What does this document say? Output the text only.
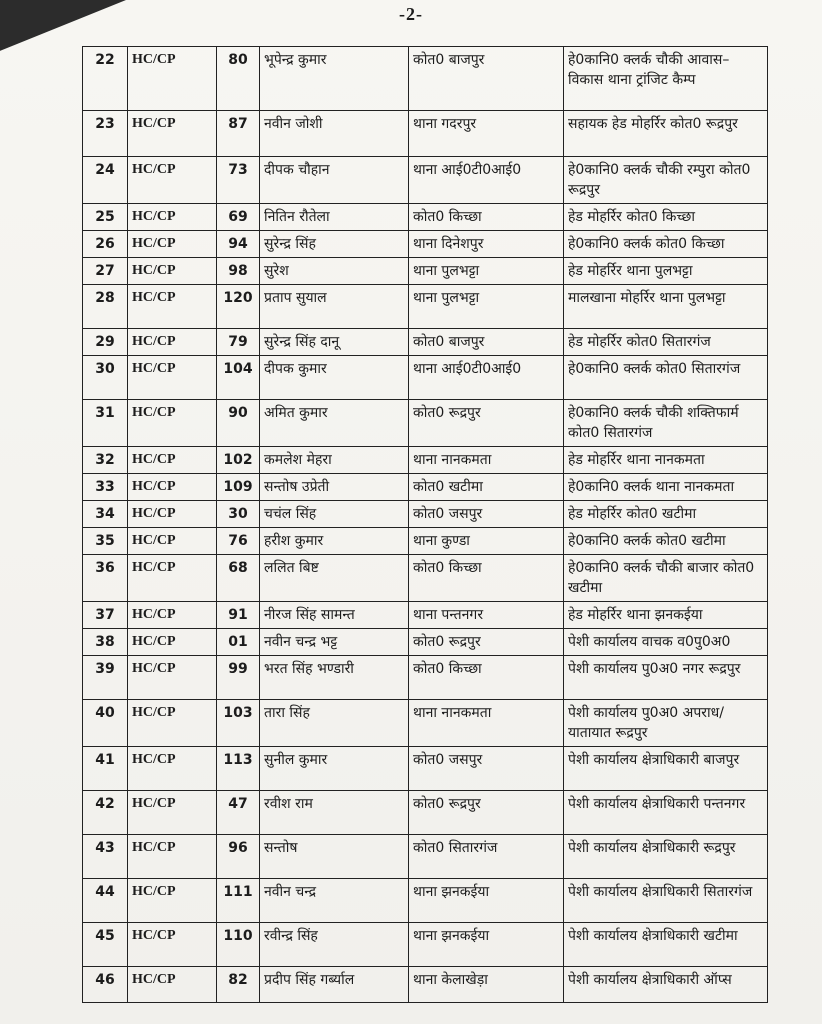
-2-
22	HC/CP	80	भूपेन्द्र कुमार	कोत0 बाजपुर	हे0कानि0 क्लर्क चौकी आवास–विकास थाना ट्रांजिट कैम्प
23	HC/CP	87	नवीन जोशी	थाना गदरपुर	सहायक हेड मोहर्रिर कोत0 रूद्रपुर
24	HC/CP	73	दीपक चौहान	थाना आई0टी0आई0	हे0कानि0 क्लर्क चौकी रम्पुरा कोत0 रूद्रपुर
25	HC/CP	69	नितिन रौतेला	कोत0 किच्छा	हेड मोहर्रिर कोत0 किच्छा
26	HC/CP	94	सुरेन्द्र सिंह	थाना दिनेशपुर	हे0कानि0 क्लर्क कोत0 किच्छा
27	HC/CP	98	सुरेश	थाना पुलभट्टा	हेड मोहर्रिर थाना पुलभट्टा
28	HC/CP	120	प्रताप सुयाल	थाना पुलभट्टा	मालखाना मोहर्रिर थाना पुलभट्टा
29	HC/CP	79	सुरेन्द्र सिंह दानू	कोत0 बाजपुर	हेड मोहर्रिर कोत0 सितारगंज
30	HC/CP	104	दीपक कुमार	थाना आई0टी0आई0	हे0कानि0 क्लर्क कोत0 सितारगंज
31	HC/CP	90	अमित कुमार	कोत0 रूद्रपुर	हे0कानि0 क्लर्क चौकी शक्तिफार्म कोत0 सितारगंज
32	HC/CP	102	कमलेश मेहरा	थाना नानकमता	हेड मोहर्रिर थाना नानकमता
33	HC/CP	109	सन्तोष उप्रेती	कोत0 खटीमा	हे0कानि0 क्लर्क थाना नानकमता
34	HC/CP	30	चचंल सिंह	कोत0 जसपुर	हेड मोहर्रिर कोत0 खटीमा
35	HC/CP	76	हरीश कुमार	थाना कुण्डा	हे0कानि0 क्लर्क कोत0 खटीमा
36	HC/CP	68	ललित बिष्ट	कोत0 किच्छा	हे0कानि0 क्लर्क चौकी बाजार कोत0 खटीमा
37	HC/CP	91	नीरज सिंह सामन्त	थाना पन्तनगर	हेड मोहर्रिर थाना झनकईया
38	HC/CP	01	नवीन चन्द्र भट्ट	कोत0 रूद्रपुर	पेशी कार्यालय वाचक व0पु0अ0
39	HC/CP	99	भरत सिंह भण्डारी	कोत0 किच्छा	पेशी कार्यालय पु0अ0 नगर रूद्रपुर
40	HC/CP	103	तारा सिंह	थाना नानकमता	पेशी कार्यालय पु0अ0 अपराध/यातायात रूद्रपुर
41	HC/CP	113	सुनील कुमार	कोत0 जसपुर	पेशी कार्यालय क्षेत्राधिकारी बाजपुर
42	HC/CP	47	रवीश राम	कोत0 रूद्रपुर	पेशी कार्यालय क्षेत्राधिकारी पन्तनगर
43	HC/CP	96	सन्तोष	कोत0 सितारगंज	पेशी कार्यालय क्षेत्राधिकारी रूद्रपुर
44	HC/CP	111	नवीन चन्द्र	थाना झनकईया	पेशी कार्यालय क्षेत्राधिकारी सितारगंज
45	HC/CP	110	रवीन्द्र सिंह	थाना झनकईया	पेशी कार्यालय क्षेत्राधिकारी खटीमा
46	HC/CP	82	प्रदीप सिंह गर्ब्याल	थाना केलाखेड़ा	पेशी कार्यालय क्षेत्राधिकारी ऑप्स
